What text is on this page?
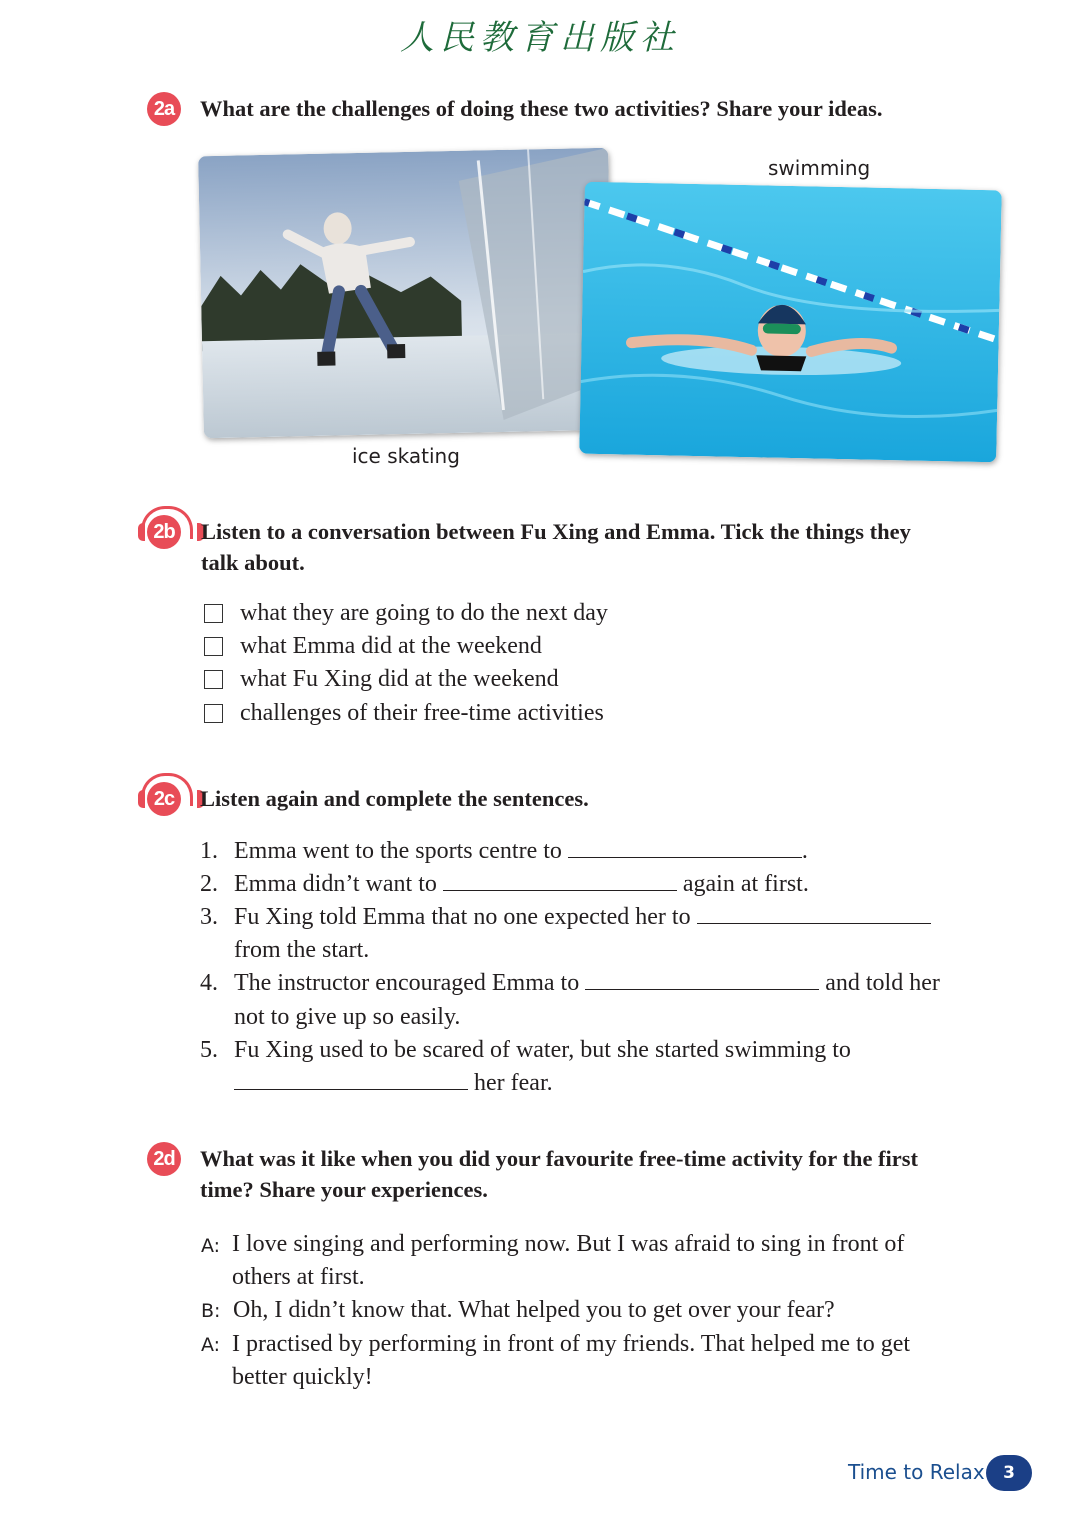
人民教育出版社
2a	What are the challenges of doing these two activities? Share your ideas.
ice skating
swimming
2b Listen to a conversation between Fu Xing and Emma. Tick the things they
talk about.
what they are going to do the next day
what Emma did at the weekend
what Fu Xing did at the weekend
challenges of their free-time activities
2c	Listen again and complete the sentences.
1. Emma went to the sports centre to	.
2. Emma didn’t want to	again at first.
3. Fu Xing told Emma that no one expected her to
from the start.
4. The instructor encouraged Emma to	and told her
not to give up so easily.
5. Fu Xing used to be scared of water, but she started swimming to
her fear.
2d What was it like when you did your favourite free-time activity for the first
time? Share your experiences.
A: I love singing and performing now. But I was afraid to sing in front of
others at first.
B: Oh, I didn’t know that. What helped you to get over your fear?
A: I practised by performing in front of my friends. That helped me to get
better quickly!
Time to Relax	3
